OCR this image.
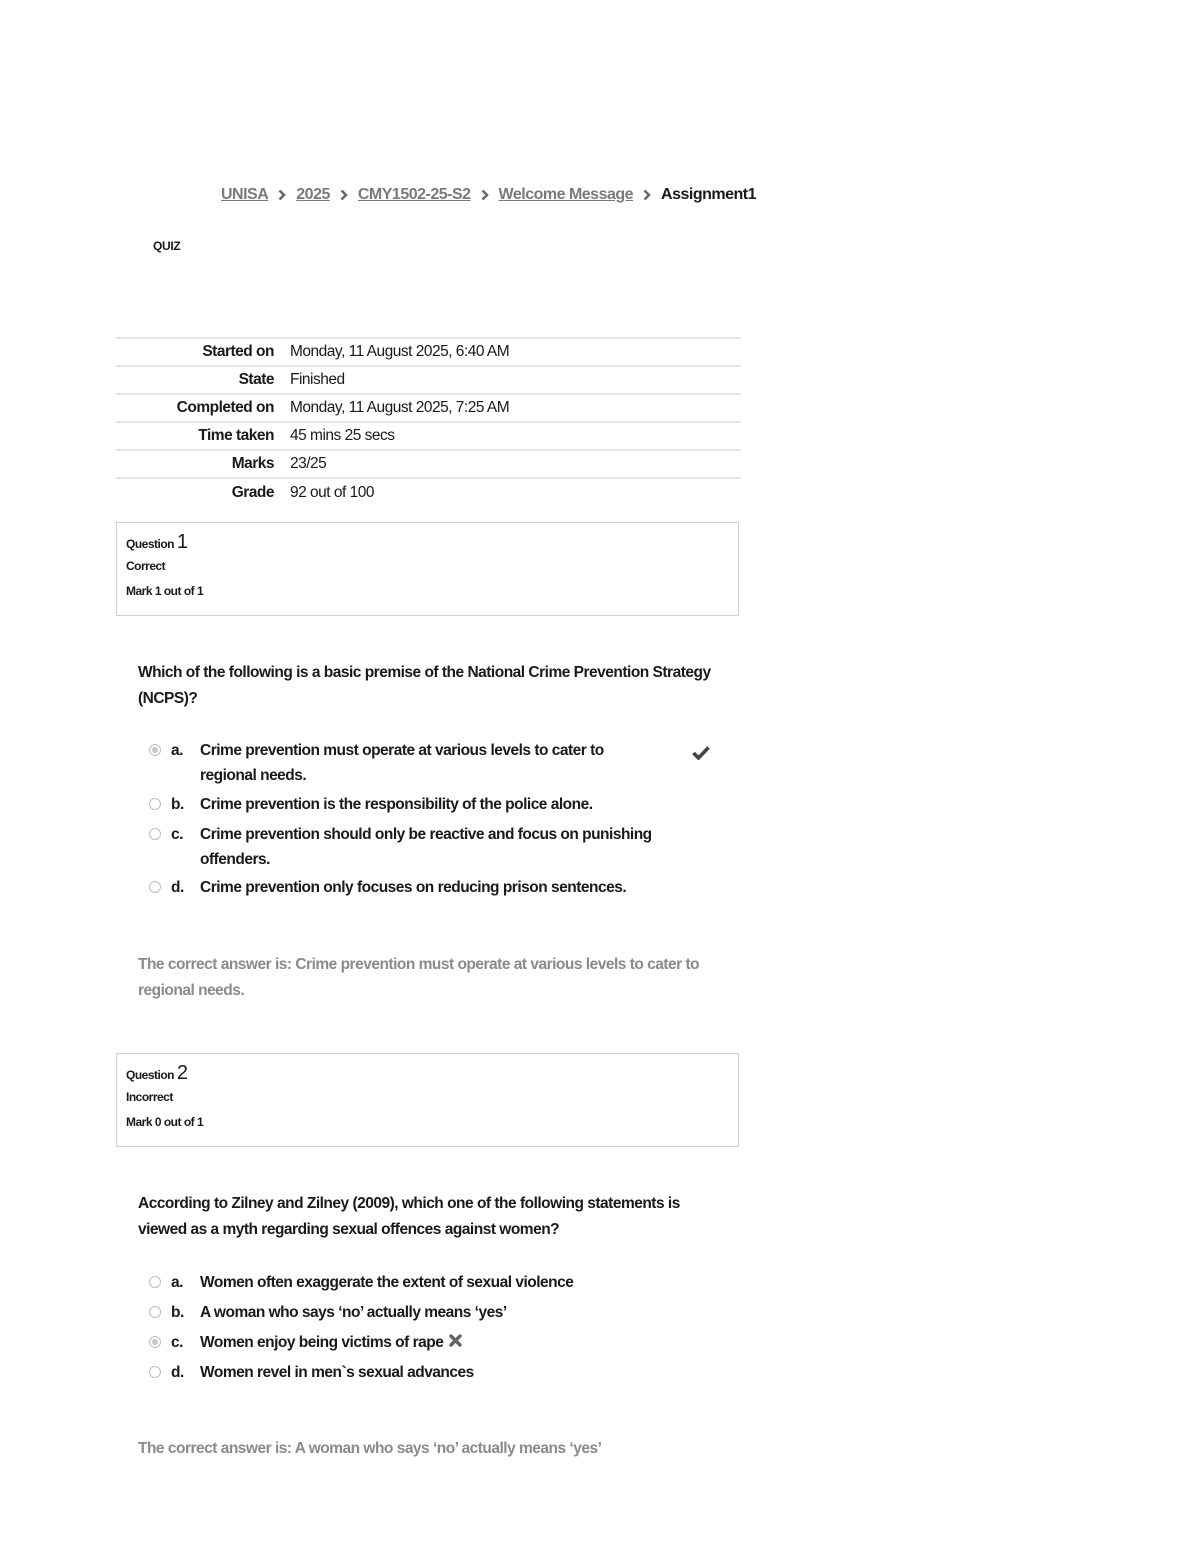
UNISA 2025 CMY1502-25-S2 Welcome Message Assignment1
QUIZ
Started on	Monday, 11 August 2025, 6:40 AM
State	Finished
Completed on	Monday, 11 August 2025, 7:25 AM
Time taken	45 mins 25 secs
Marks	23/25
Grade	92 out of 100
Question 1
Correct
Mark 1 out of 1
Which of the following is a basic premise of the National Crime Prevention Strategy (NCPS)?
a.	Crime prevention must operate at various levels to cater to regional needs.
b.	Crime prevention is the responsibility of the police alone.
c.	Crime prevention should only be reactive and focus on punishing offenders.
d.	Crime prevention only focuses on reducing prison sentences.
The correct answer is: Crime prevention must operate at various levels to cater to regional needs.
Question 2
Incorrect
Mark 0 out of 1
According to Zilney and Zilney (2009), which one of the following statements is viewed as a myth regarding sexual offences against women?
a.	Women often exaggerate the extent of sexual violence
b.	A woman who says ‘no’ actually means ‘yes’
c.	Women enjoy being victims of rape
d.	Women revel in men`s sexual advances
The correct answer is: A woman who says ‘no’ actually means ‘yes’
